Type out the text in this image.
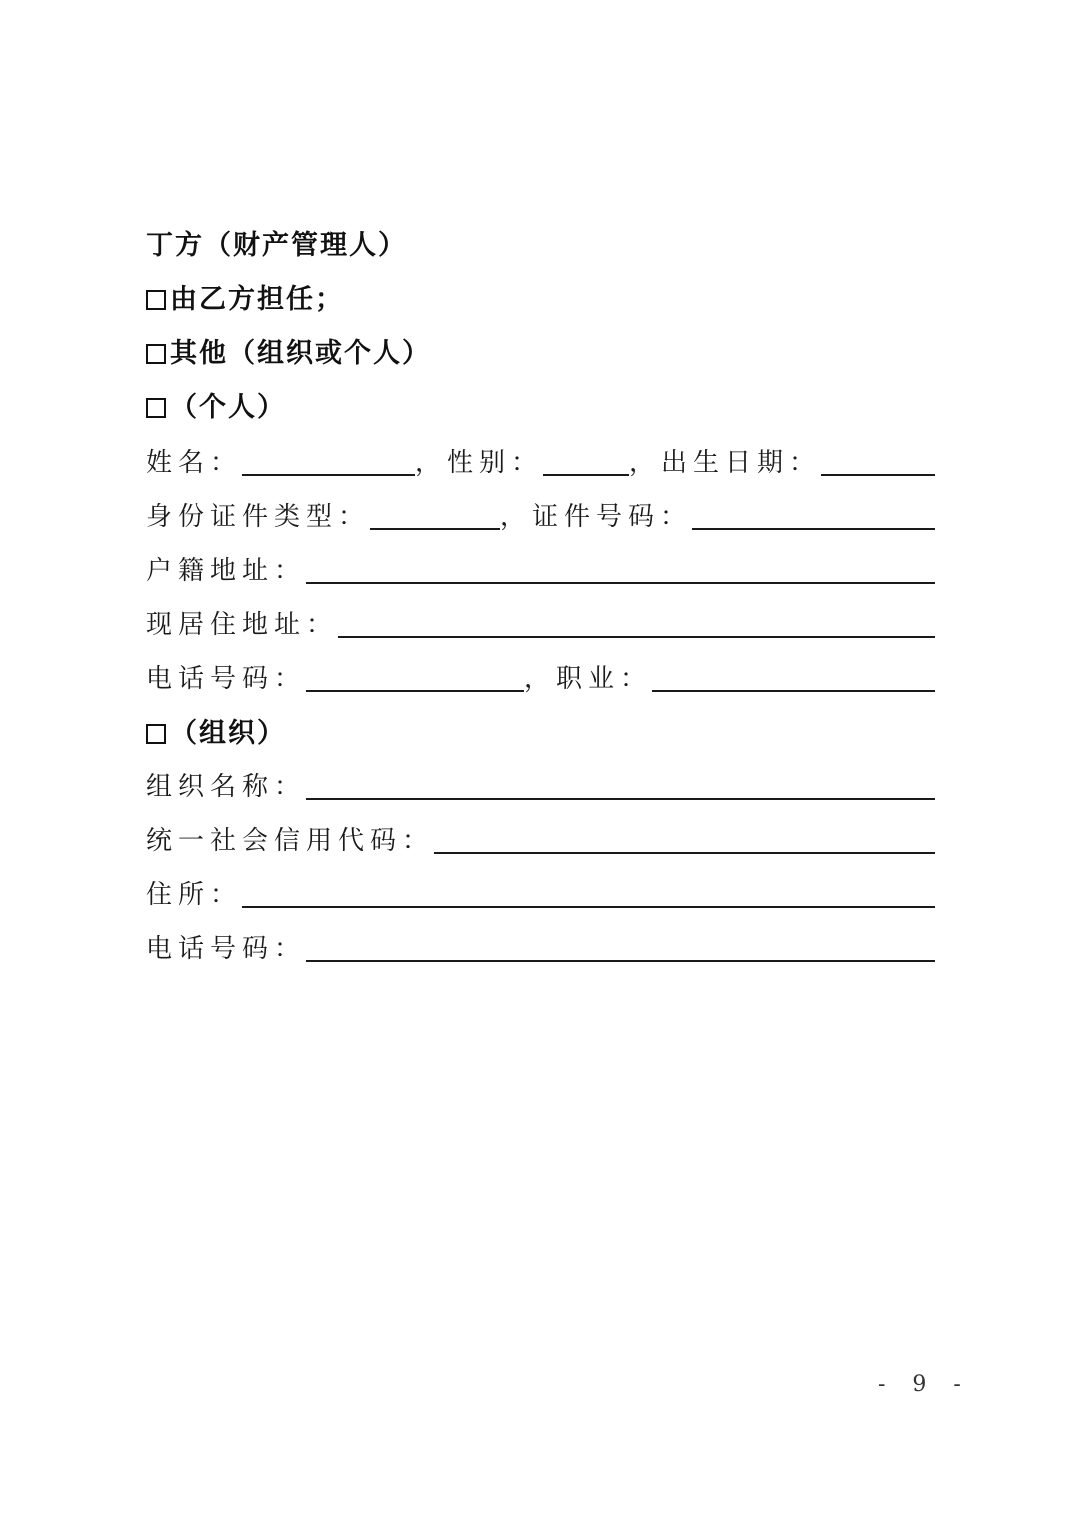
丁方（财产管理人）
由乙方担任；
其他（组织或个人）
（个人）
姓名：	，性别：	，出生日期：
身份证件类型：	，证件号码：
户籍地址：
现居住地址：
电话号码：	，职业：
（组织）
组织名称：
统一社会信用代码：
住所：
电话号码：
- 9 -
